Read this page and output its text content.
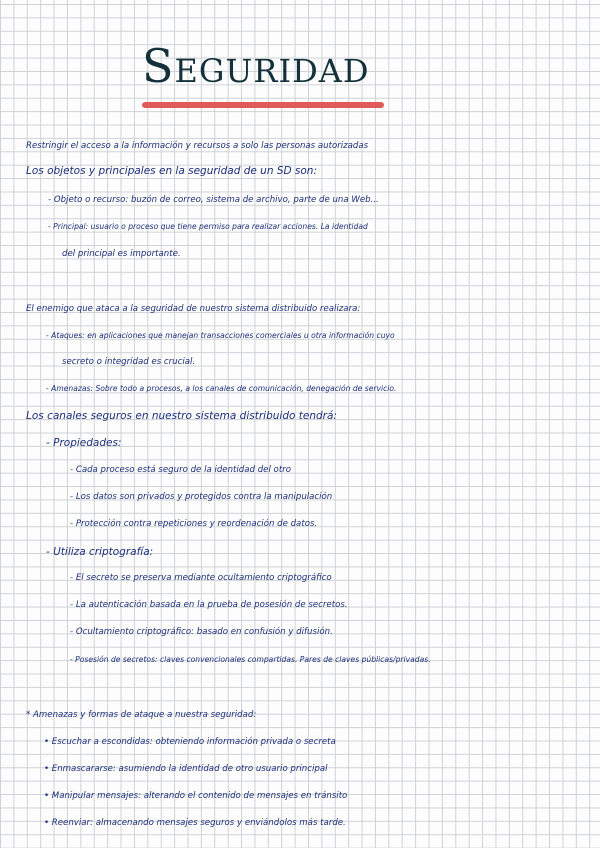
Seguridad
Restringir el acceso a la información y recursos a solo las personas autorizadas
Los objetos y principales en la seguridad de un SD son:
- Objeto o recurso: buzón de correo, sistema de archivo, parte de una Web...
- Principal: usuario o proceso que tiene permiso para realizar acciones. La identidad
del principal es importante.
El enemigo que ataca a la seguridad de nuestro sistema distribuido realizara:
- Ataques: en aplicaciones que manejan transacciones comerciales u otra información cuyo
secreto o integridad es crucial.
- Amenazas: Sobre todo a procesos, a los canales de comunicación, denegación de servicio.
Los canales seguros en nuestro sistema distribuido tendrá:
- Propiedades:
- Cada proceso está seguro de la identidad del otro
- Los datos son privados y protegidos contra la manipulación
- Protección contra repeticiones y reordenación de datos.
- Utiliza criptografía:
- El secreto se preserva mediante ocultamiento criptográfico
- La autenticación basada en la prueba de posesión de secretos.
- Ocultamiento criptográfico: basado en confusión y difusión.
- Posesión de secretos: claves convencionales compartidas. Pares de claves públicas/privadas.
* Amenazas y formas de ataque a nuestra seguridad:
• Escuchar a escondidas: obteniendo información privada o secreta
• Enmascararse: asumiendo la identidad de otro usuario principal
• Manipular mensajes: alterando el contenido de mensajes en tránsito
• Reenviar: almacenando mensajes seguros y enviándolos más tarde.
